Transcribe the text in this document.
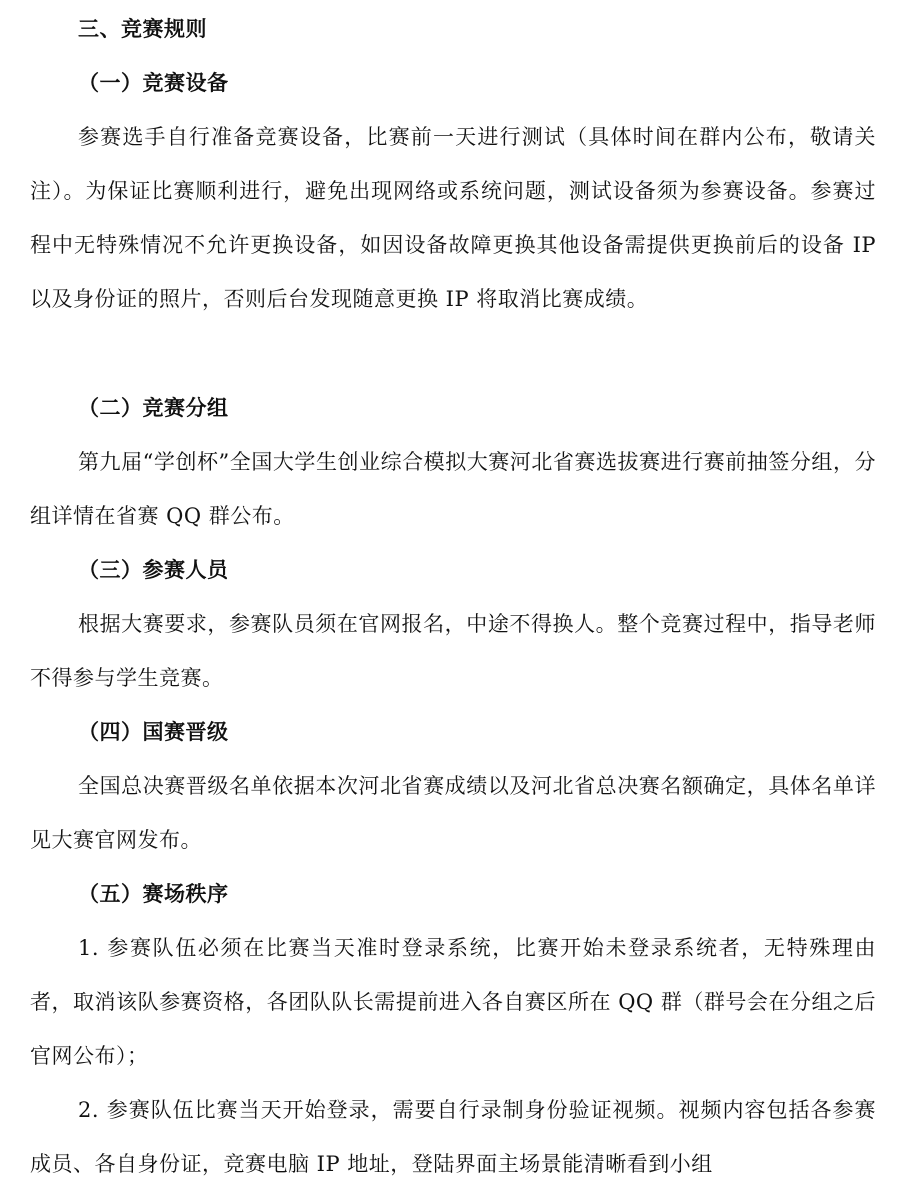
三、竞赛规则
（一）竞赛设备

参赛选手自行准备竞赛设备，比赛前一天进行测试（具体时间在群内公布，敬请关注）。为保证比赛顺利进行，避免出现网络或系统问题，测试设备须为参赛设备。参赛过程中无特殊情况不允许更换设备，如因设备故障更换其他设备需提供更换前后的设备 IP 以及身份证的照片，否则后台发现随意更换 IP 将取消比赛成绩。

（二）竞赛分组

第九届“学创杯”全国大学生创业综合模拟大赛河北省赛选拔赛进行赛前抽签分组，分组详情在省赛 QQ 群公布。

（三）参赛人员

根据大赛要求，参赛队员须在官网报名，中途不得换人。整个竞赛过程中，指导老师不得参与学生竞赛。

（四）国赛晋级

全国总决赛晋级名单依据本次河北省赛成绩以及河北省总决赛名额确定，具体名单详见大赛官网发布。

（五）赛场秩序

1. 参赛队伍必须在比赛当天准时登录系统，比赛开始未登录系统者，无特殊理由者，取消该队参赛资格，各团队队长需提前进入各自赛区所在 QQ 群（群号会在分组之后官网公布）；

2. 参赛队伍比赛当天开始登录，需要自行录制身份验证视频。视频内容包括各参赛成员、各自身份证，竞赛电脑 IP 地址，登陆界面主场景能清晰看到小组
